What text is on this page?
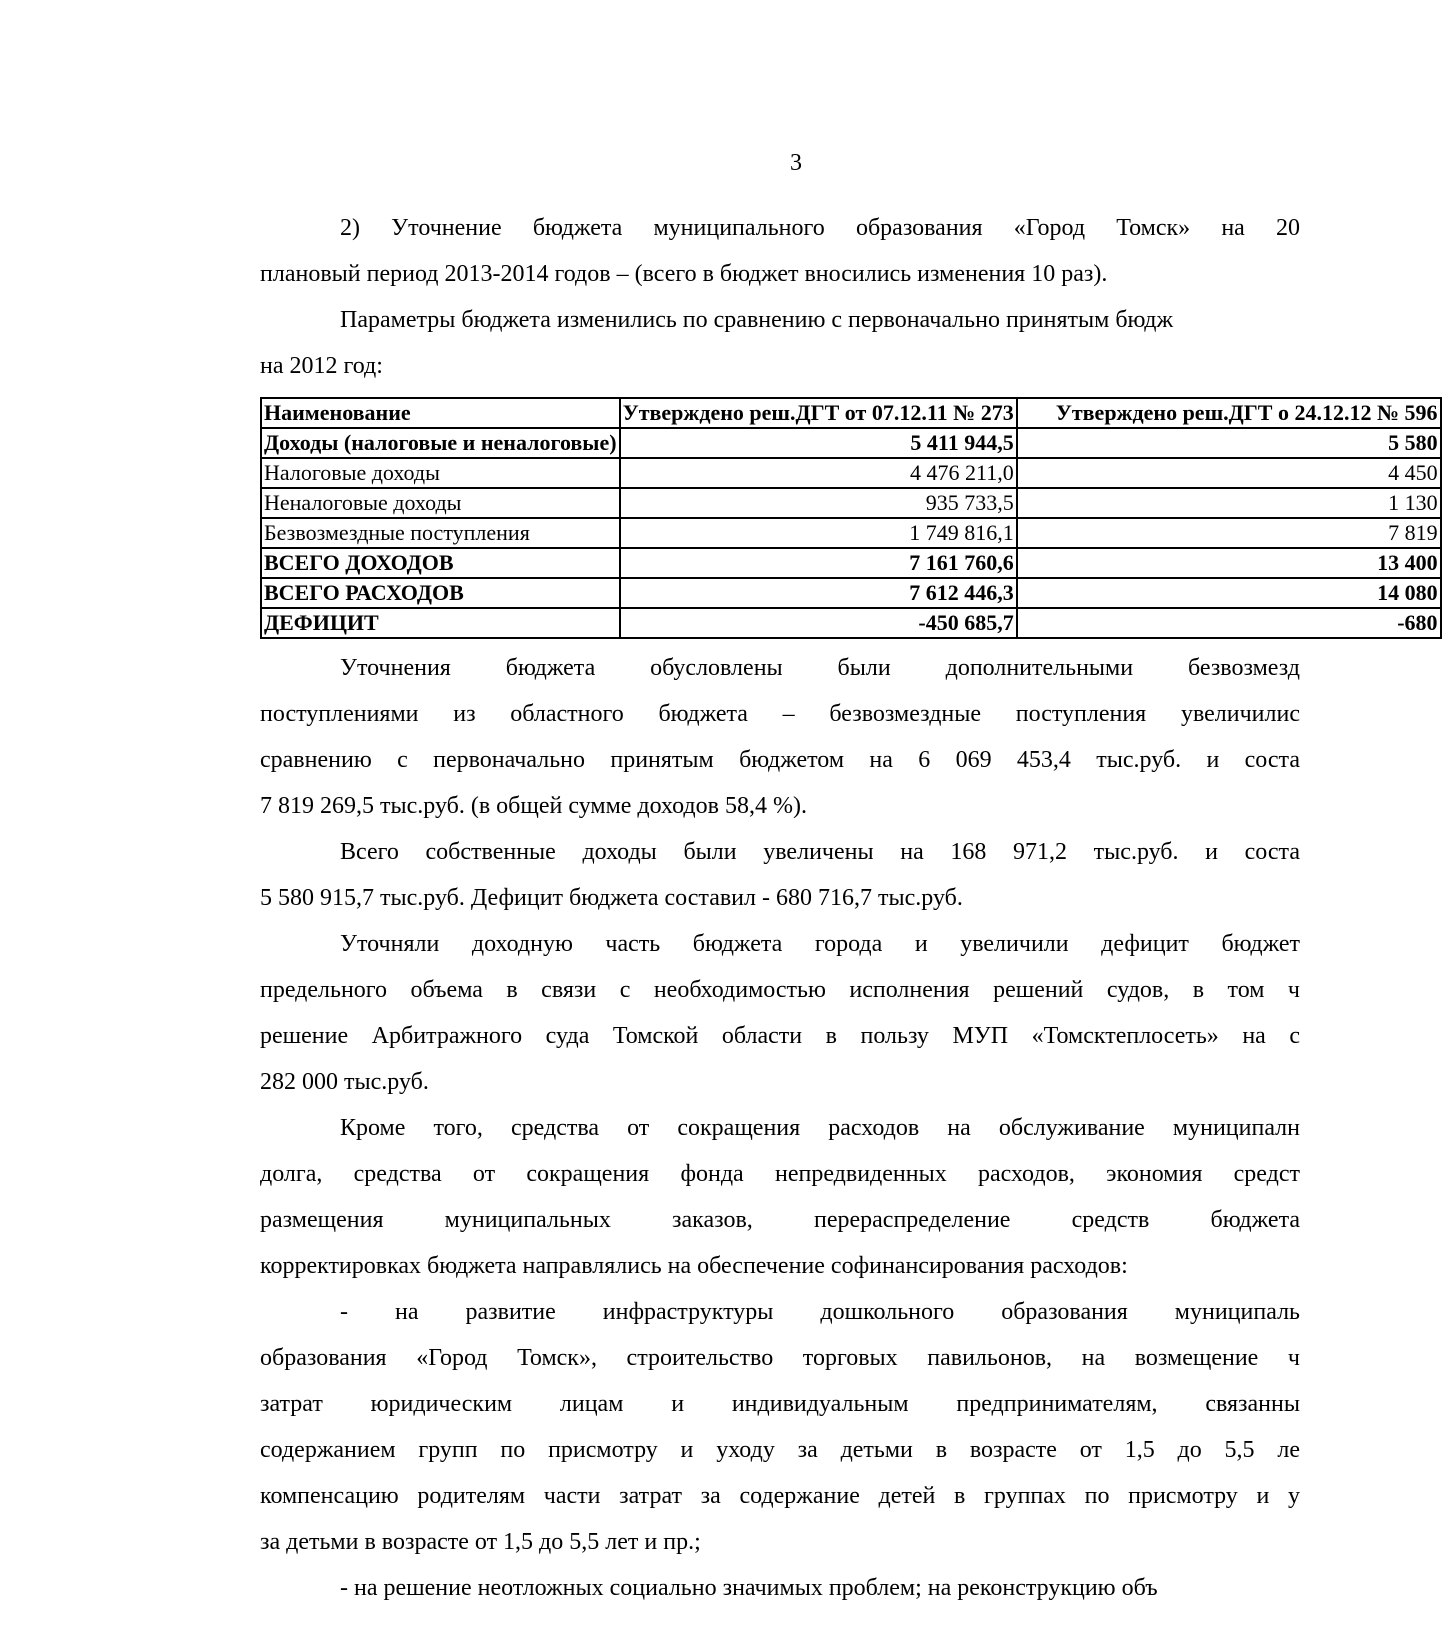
3

2) Уточнение бюджета муниципального образования «Город Томск» на 20

плановый период 2013-2014 годов – (всего в бюджет вносились изменения 10 раз).

Параметры бюджета изменились по сравнению с первоначально принятым бюдж

на 2012 год:

Наименование	Утверждено реш.ДГТ от 07.12.11 № 273	Утверждено реш.ДГТ о 24.12.12 № 596
Доходы (налоговые и неналоговые)	5 411 944,5	5 580
Налоговые доходы	4 476 211,0	4 450
Неналоговые доходы	935 733,5	1 130
Безвозмездные поступления	1 749 816,1	7 819
ВСЕГО ДОХОДОВ	7 161 760,6	13 400
ВСЕГО РАСХОДОВ	7 612 446,3	14 080
ДЕФИЦИТ	-450 685,7	-680

Уточнения бюджета обусловлены были дополнительными безвозмезд

поступлениями из областного бюджета – безвозмездные поступления увеличилис

сравнению с первоначально принятым бюджетом на 6 069 453,4 тыс.руб. и соста

7 819 269,5 тыс.руб. (в общей сумме доходов 58,4 %).

Всего собственные доходы были увеличены на 168 971,2 тыс.руб. и соста

5 580 915,7 тыс.руб. Дефицит бюджета составил - 680 716,7 тыс.руб.

Уточняли доходную часть бюджета города и увеличили дефицит бюджет

предельного объема в связи с необходимостью исполнения решений судов, в том ч

решение Арбитражного суда Томской области в пользу МУП «Томсктеплосеть» на с

282 000 тыс.руб.

Кроме того, средства от сокращения расходов на обслуживание муниципалн

долга, средства от сокращения фонда непредвиденных расходов, экономия средст

размещения муниципальных заказов, перераспределение средств бюджета

корректировках бюджета направлялись на обеспечение софинансирования расходов:

- на развитие инфраструктуры дошкольного образования муниципаль

образования «Город Томск», строительство торговых павильонов, на возмещение ч

затрат юридическим лицам и индивидуальным предпринимателям, связанны

содержанием групп по присмотру и уходу за детьми в возрасте от 1,5 до 5,5 ле

компенсацию родителям части затрат за содержание детей в группах по присмотру и у

за детьми в возрасте от 1,5 до 5,5 лет и пр.;

- на решение неотложных социально значимых проблем; на реконструкцию объ
